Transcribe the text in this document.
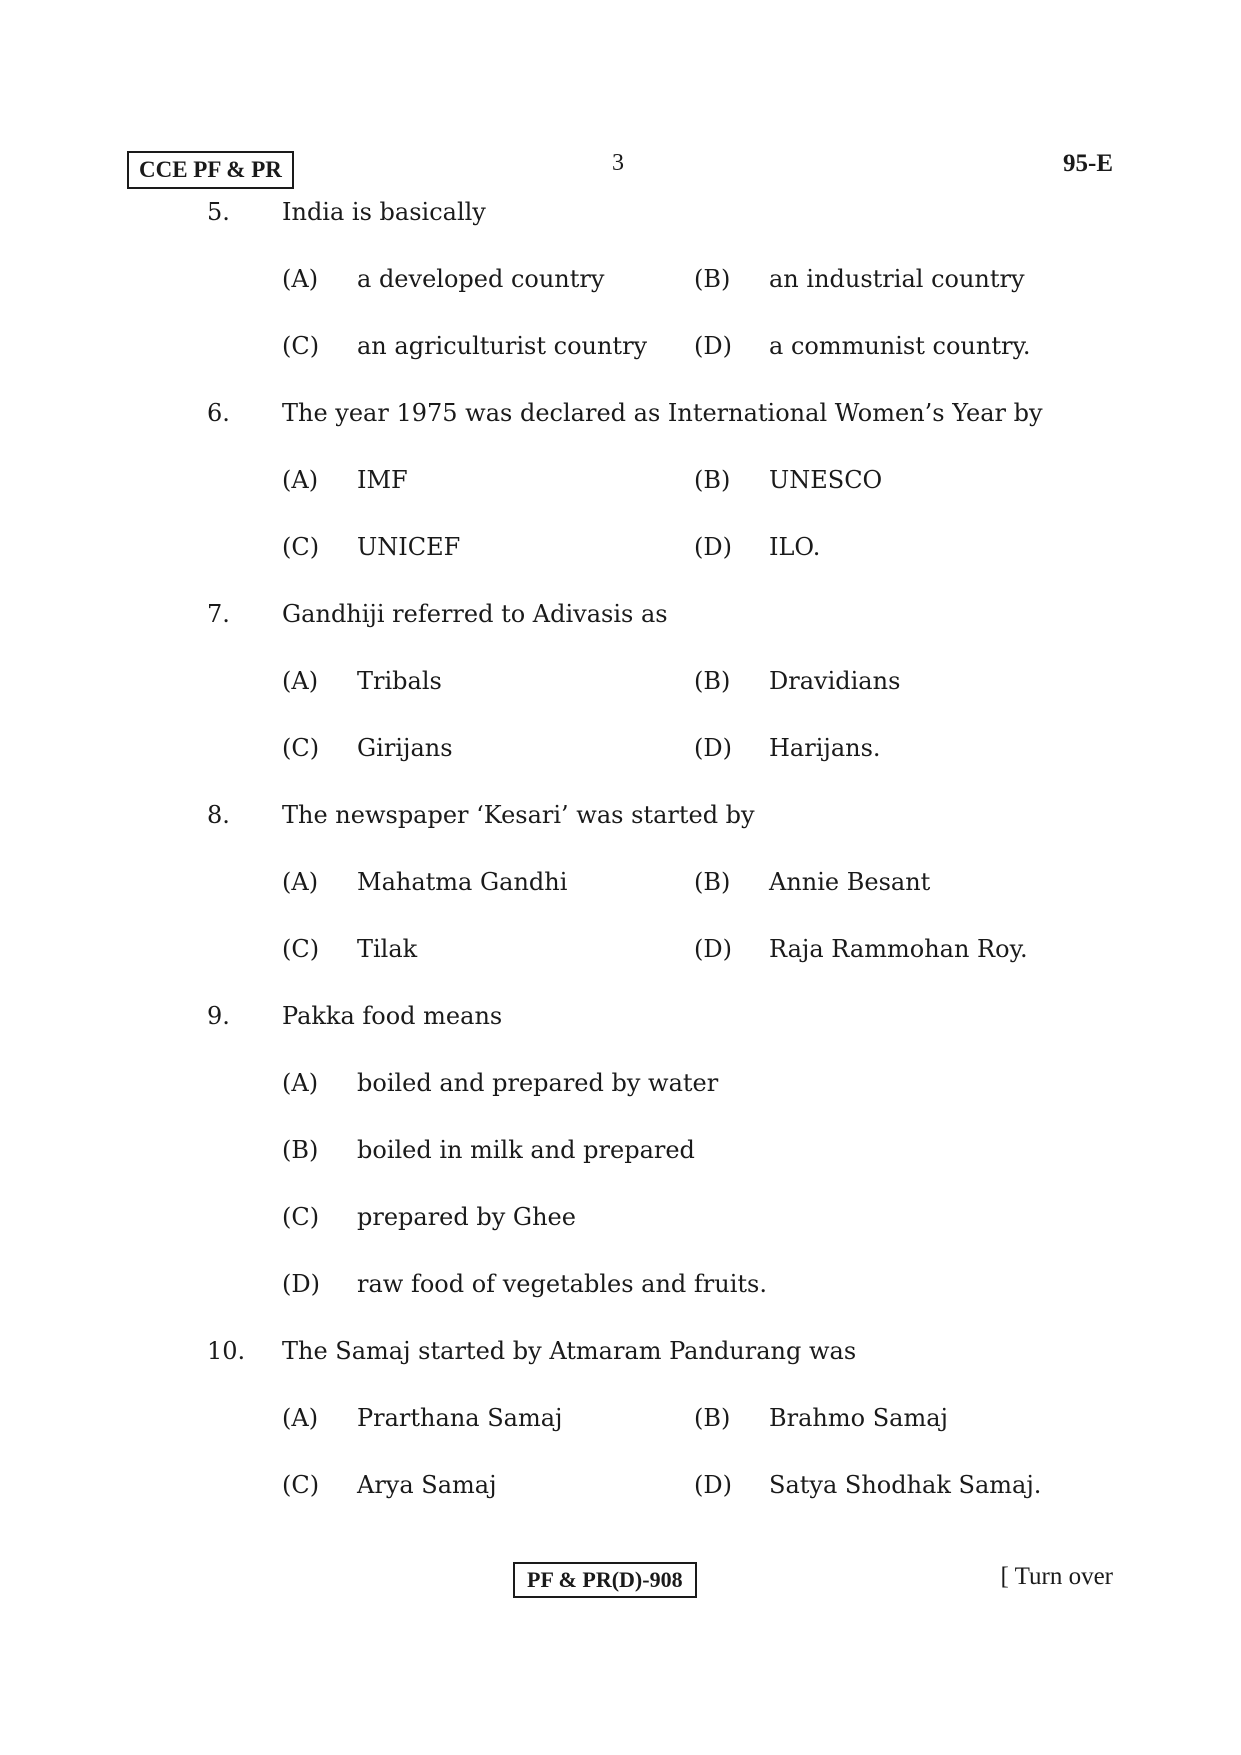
CCE PF & PR	3	95-E
5. India is basically
(A) a developed country	(B) an industrial country
(C) an agriculturist country (D) a communist country.
6. The year 1975 was declared as International Women’s Year by
(A) IMF	(B) UNESCO
(C) UNICEF	(D) ILO.
7. Gandhiji referred to Adivasis as
(A) Tribals	(B) Dravidians
(C) Girijans	(D) Harijans.
8. The newspaper ‘Kesari’ was started by
(A) Mahatma Gandhi	(B) Annie Besant
(C) Tilak	(D) Raja Rammohan Roy.
9. Pakka food means
(A) boiled and prepared by water
(B) boiled in milk and prepared
(C) prepared by Ghee
(D) raw food of vegetables and fruits.
10. The Samaj started by Atmaram Pandurang was
(A) Prarthana Samaj	(B) Brahmo Samaj
(C) Arya Samaj	(D) Satya Shodhak Samaj.
PF & PR(D)-908	[ Turn over
